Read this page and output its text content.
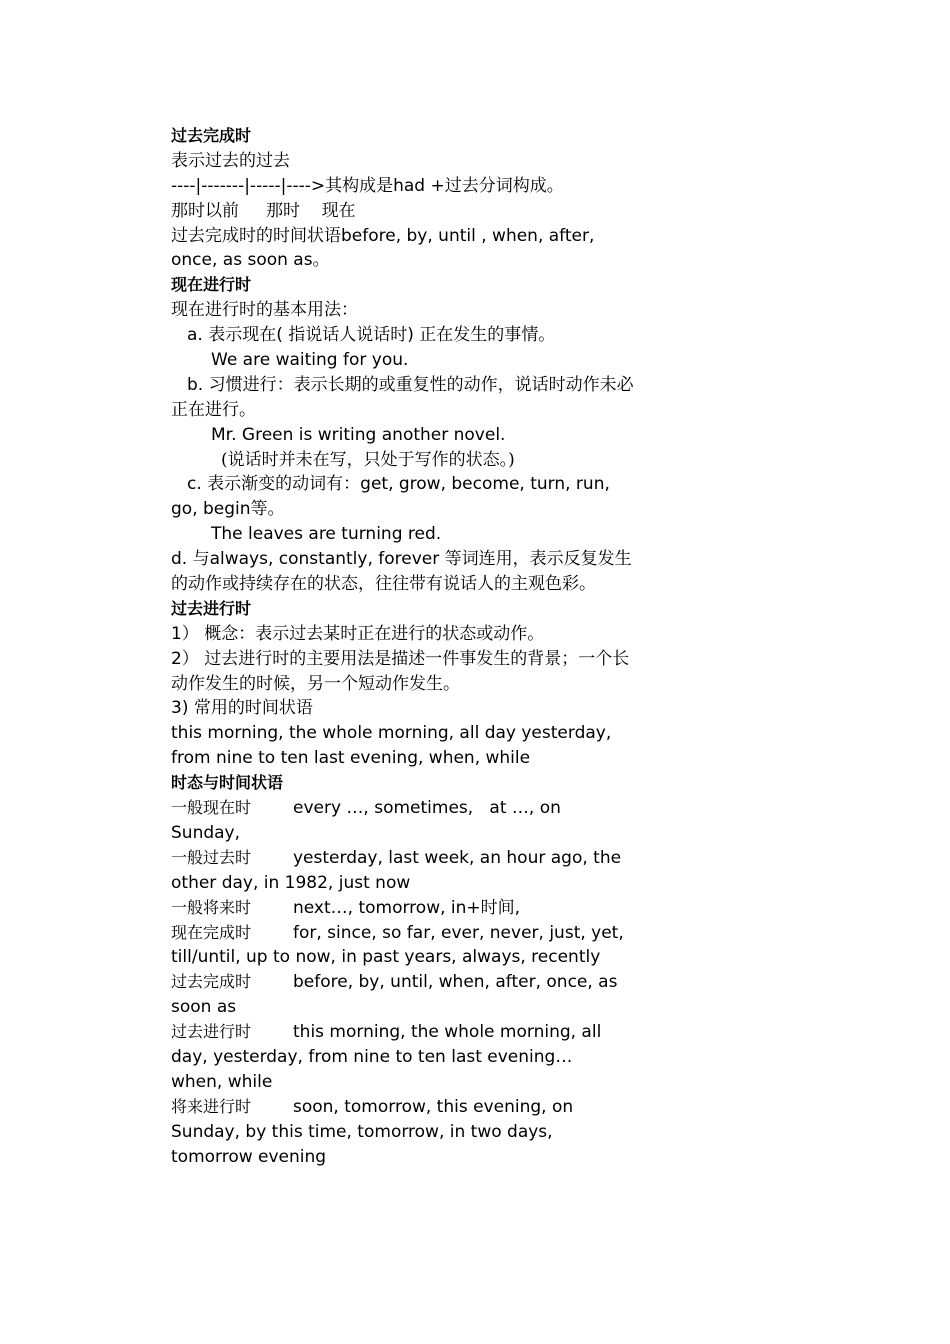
过去完成时
表示过去的过去
----|-------|-----|---->其构成是had +过去分词构成。
那时以前     那时    现在
过去完成时的时间状语before, by, until , when, after,
once, as soon as。
现在进行时
现在进行时的基本用法：
a. 表示现在( 指说话人说话时) 正在发生的事情。
We are waiting for you.
b. 习惯进行：表示长期的或重复性的动作，说话时动作未必
正在进行。
Mr. Green is writing another novel.
(说话时并未在写，只处于写作的状态。)
c. 表示渐变的动词有：get, grow, become, turn, run,
go, begin等。
The leaves are turning red.
d. 与always, constantly, forever 等词连用，表示反复发生
的动作或持续存在的状态，往往带有说话人的主观色彩。
过去进行时
1） 概念：表示过去某时正在进行的状态或动作。
2） 过去进行时的主要用法是描述一件事发生的背景；一个长
动作发生的时候，另一个短动作发生。
3) 常用的时间状语
this morning, the whole morning, all day yesterday,
from nine to ten last evening, when, while
时态与时间状语
一般现在时	every …, sometimes,   at …, on
Sunday,
一般过去时	yesterday, last week, an hour ago, the
other day, in 1982, just now
一般将来时	next…, tomorrow, in+时间,
现在完成时	for, since, so far, ever, never, just, yet,
till/until, up to now, in past years, always, recently
过去完成时	before, by, until, when, after, once, as
soon as
过去进行时	this morning, the whole morning, all
day, yesterday, from nine to ten last evening…
when, while
将来进行时	soon, tomorrow, this evening, on
Sunday, by this time, tomorrow, in two days,
tomorrow evening
